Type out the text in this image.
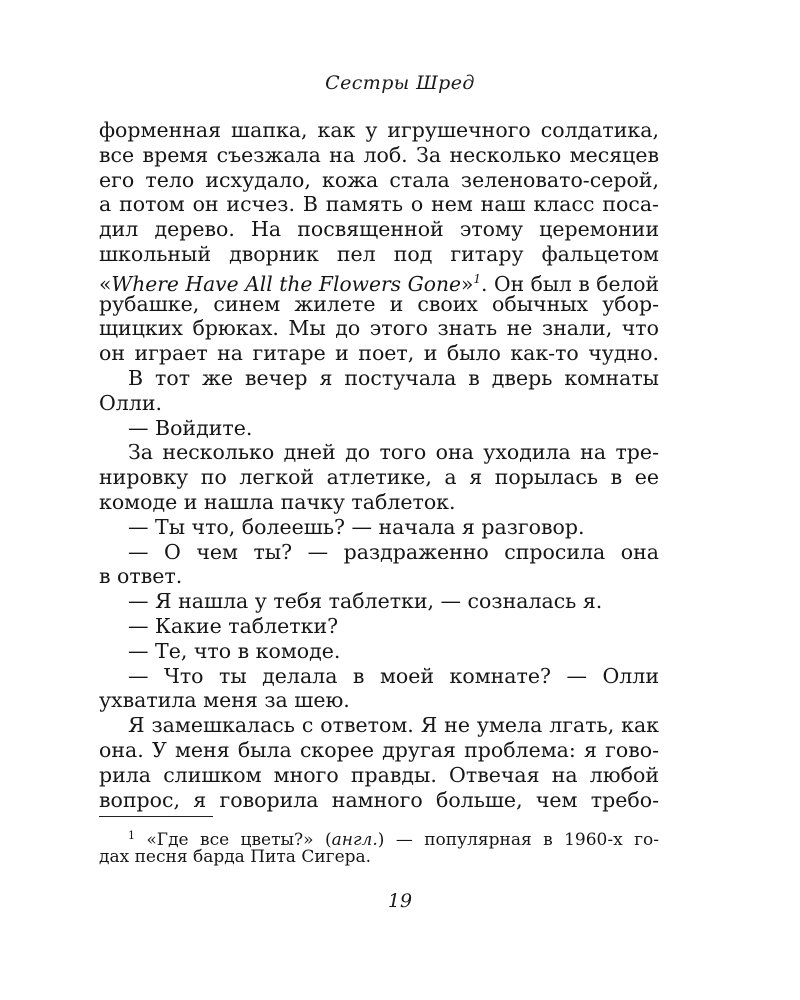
Сестры Шред
форменная шапка, как у игрушечного солдатика,
все время съезжала на лоб. За несколько месяцев
его тело исхудало, кожа стала зеленовато-серой,
а потом он исчез. В память о нем наш класс поса-
дил дерево. На посвященной этому церемонии
школьный дворник пел под гитару фальцетом
«Where Have All the Flowers Gone»$^1$. Он был в белой
рубашке, синем жилете и своих обычных убор-
щицких брюках. Мы до этого знать не знали, что
он играет на гитаре и поет, и было как-то чудно.
В тот же вечер я постучала в дверь комнаты
Олли.
— Войдите.
За несколько дней до того она уходила на тре-
нировку по легкой атлетике, а я порылась в ее
комоде и нашла пачку таблеток.
— Ты что, болеешь? — начала я разговор.
— О чем ты? — раздраженно спросила она
в ответ.
— Я нашла у тебя таблетки, — созналась я.
— Какие таблетки?
— Те, что в комоде.
— Что ты делала в моей комнате? — Олли
ухватила меня за шею.
Я замешкалась с ответом. Я не умела лгать, как
она. У меня была скорее другая проблема: я гово-
рила слишком много правды. Отвечая на любой
вопрос, я говорила намного больше, чем требо-
$^1$ «Где все цветы?» (англ.) — популярная в 1960-х го-
дах песня барда Пита Сигера.
19
